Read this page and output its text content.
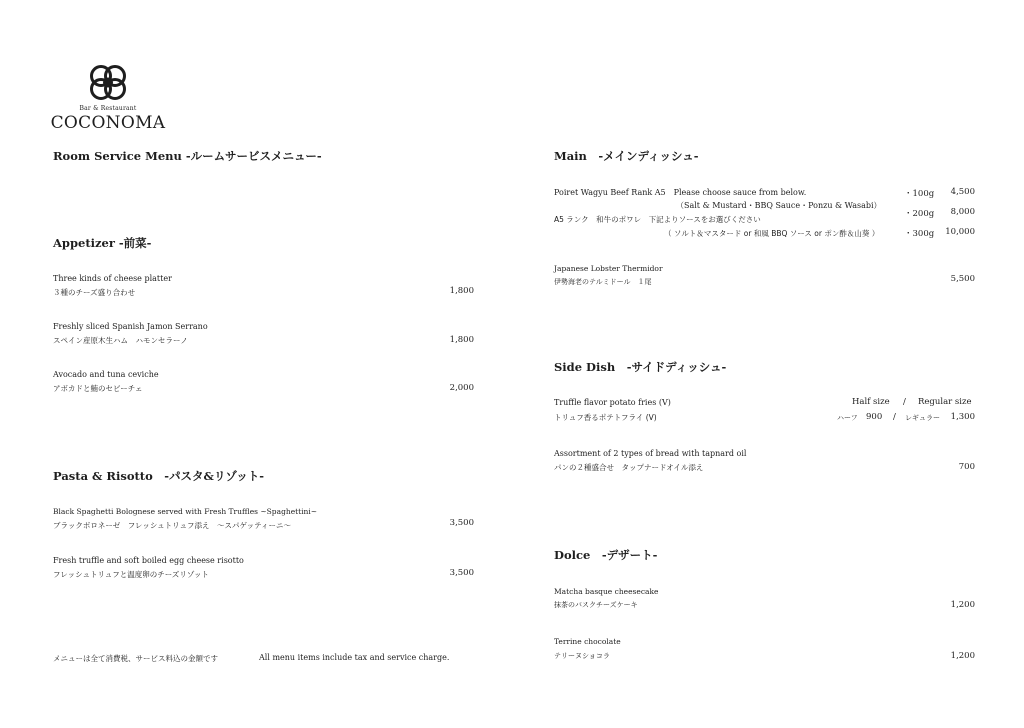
Bar & Restaurant
COCONOMA
Room Service Menu -ルームサービスメニュー-
Appetizer -前菜-
Three kinds of cheese platter
３種のチーズ盛り合わせ	1,800
Freshly sliced Spanish Jamon Serrano
スペイン産原木生ハム　ハモンセラーノ	1,800
Avocado and tuna ceviche
アボカドと鮪のセビーチェ	2,000
Pasta & Risotto　-パスタ&リゾット-
Black Spaghetti Bolognese served with Fresh Truffles ~Spaghettini~
ブラックボロネーゼ　フレッシュトリュフ添え　～スパゲッティーニ～	3,500
Fresh truffle and soft boiled egg cheese risotto
フレッシュトリュフと温度卵のチーズリゾット	3,500
メニューは全て消費税、サービス料込の金額です	All menu items include tax and service charge.
Main　-メインディッシュ-
Poiret Wagyu Beef Rank A5　Please choose sauce from below.
（Salt & Mustard・BBQ Sauce・Ponzu & Wasabi）
A5 ランク　和牛のポワレ　下記よりソースをお選びください
（ ソルト＆マスタード or 和風 BBQ ソース or ポン酢＆山葵 ）
・100g	4,500
・200g	8,000
・300g	10,000
Japanese Lobster Thermidor
伊勢海老のテルミドール　１尾	5,500
Side Dish　-サイドディッシュ-
Truffle flavor potato fries (V)
トリュフ香るポテトフライ (V)
Half size / Regular size
ハーフ 900 / レギュラー	1,300
Assortment of 2 types of bread with tapnard oil
パンの２種盛合せ　タップナードオイル添え	700
Dolce　-デザート-
Matcha basque cheesecake
抹茶のバスクチーズケーキ	1,200
Terrine chocolate
テリーヌショコラ	1,200
